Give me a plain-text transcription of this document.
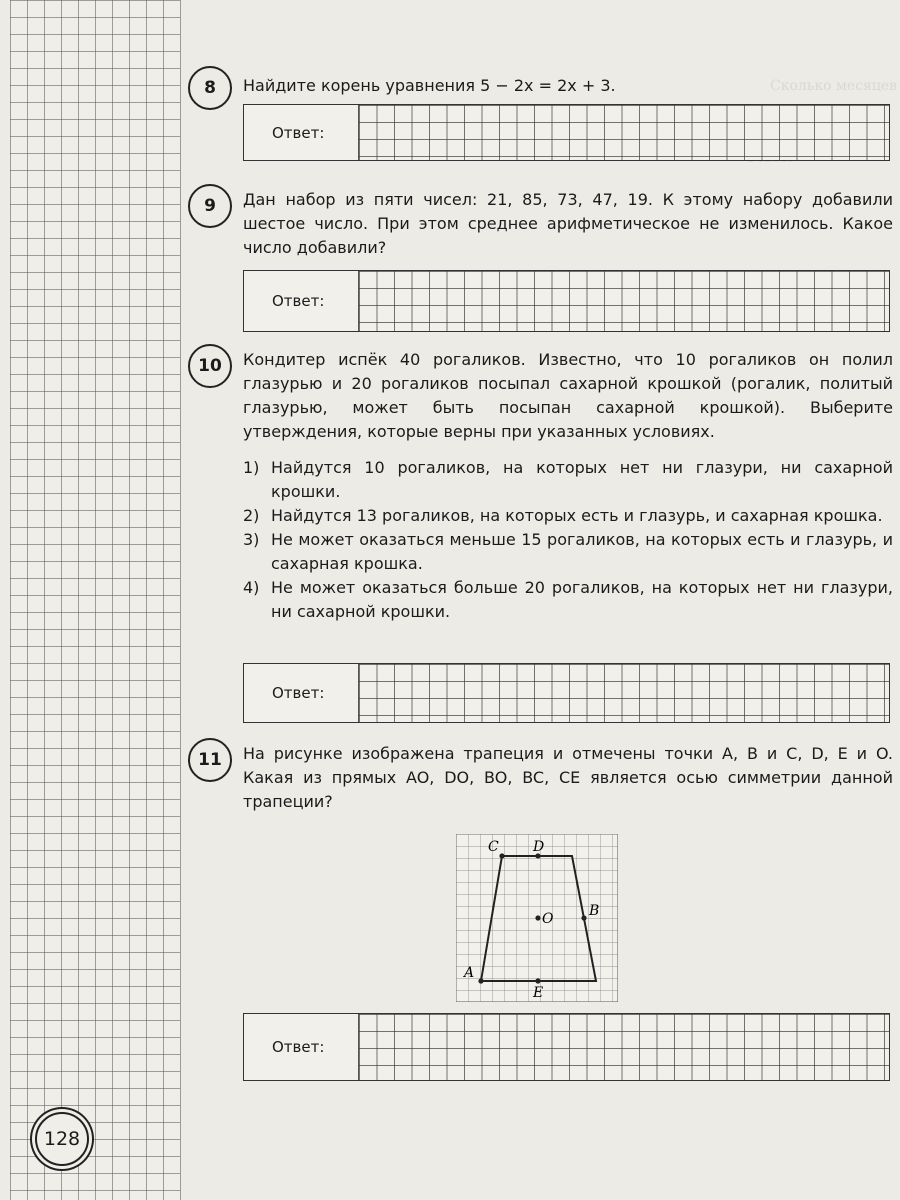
Сколько месяцев
128
8	Найдите корень уравнения 5 − 2x = 2x + 3.

Ответ:
9	Дан набор из пяти чисел: 21, 85, 73, 47, 19. К этому набору добавили шестое число. При этом среднее арифметическое не изменилось. Какое число добавили?

Ответ:
10	Кондитер испёк 40 рогаликов. Известно, что 10 рогаликов он полил глазурью и 20 рогаликов посыпал сахарной крошкой (рогалик, политый глазурью, может быть посыпан сахарной крошкой). Выберите утверждения, которые верны при указанных условиях.

1) Найдутся 10 рогаликов, на которых нет ни глазури, ни сахарной крошки.
2) Найдутся 13 рогаликов, на которых есть и глазурь, и сахарная крошка.
3) Не может оказаться меньше 15 рогаликов, на которых есть и глазурь, и сахарная крошка.
4) Не может оказаться больше 20 рогаликов, на которых нет ни глазури, ни сахарной крошки.
Ответ:
11	На рисунке изображена трапеция и отмечены точки A, B и C, D, E и O. Какая из прямых AO, DO, BO, BC, CE является осью симметрии данной трапеции?

C D
O	B
A
E
Ответ:
